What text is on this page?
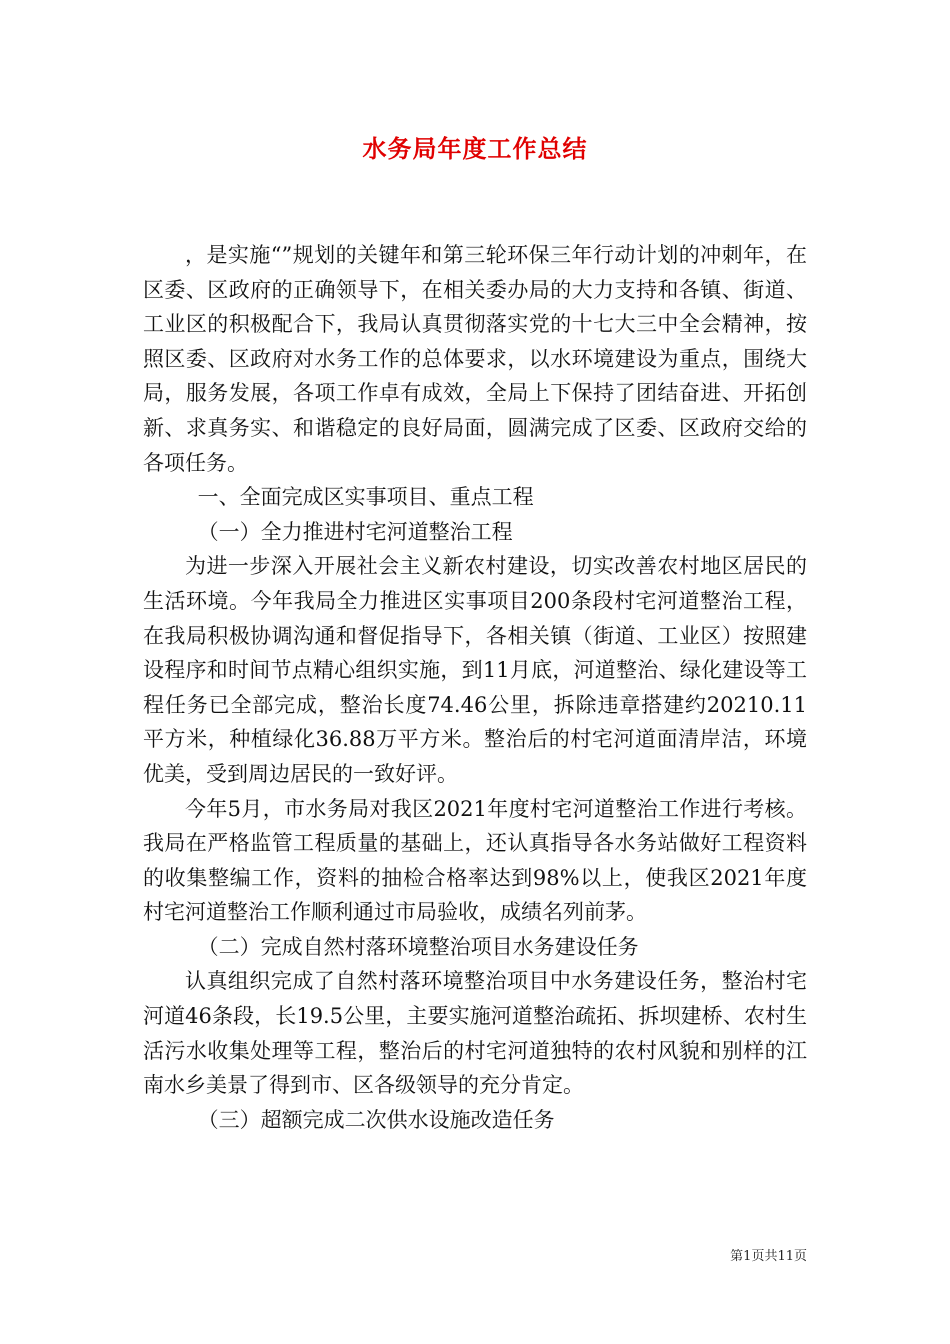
水务局年度工作总结

，是实施“”规划的关键年和第三轮环保三年行动计划的冲刺年，在区委、区政府的正确领导下，在相关委办局的大力支持和各镇、街道、工业区的积极配合下，我局认真贯彻落实党的十七大三中全会精神，按照区委、区政府对水务工作的总体要求，以水环境建设为重点，围绕大局，服务发展，各项工作卓有成效，全局上下保持了团结奋进、开拓创新、求真务实、和谐稳定的良好局面，圆满完成了区委、区政府交给的各项任务。

一、全面完成区实事项目、重点工程

（一）全力推进村宅河道整治工程

为进一步深入开展社会主义新农村建设，切实改善农村地区居民的生活环境。今年我局全力推进区实事项目200条段村宅河道整治工程，在我局积极协调沟通和督促指导下，各相关镇（街道、工业区）按照建设程序和时间节点精心组织实施，到11月底，河道整治、绿化建设等工程任务已全部完成，整治长度74.46公里，拆除违章搭建约20210.11平方米，种植绿化36.88万平方米。整治后的村宅河道面清岸洁，环境优美，受到周边居民的一致好评。

今年5月，市水务局对我区2021年度村宅河道整治工作进行考核。我局在严格监管工程质量的基础上，还认真指导各水务站做好工程资料的收集整编工作，资料的抽检合格率达到98%以上，使我区2021年度村宅河道整治工作顺利通过市局验收，成绩名列前茅。

（二）完成自然村落环境整治项目水务建设任务

认真组织完成了自然村落环境整治项目中水务建设任务，整治村宅河道46条段，长19.5公里，主要实施河道整治疏拓、拆坝建桥、农村生活污水收集处理等工程，整治后的村宅河道独特的农村风貌和别样的江南水乡美景了得到市、区各级领导的充分肯定。

（三）超额完成二次供水设施改造任务

第1页共11页
